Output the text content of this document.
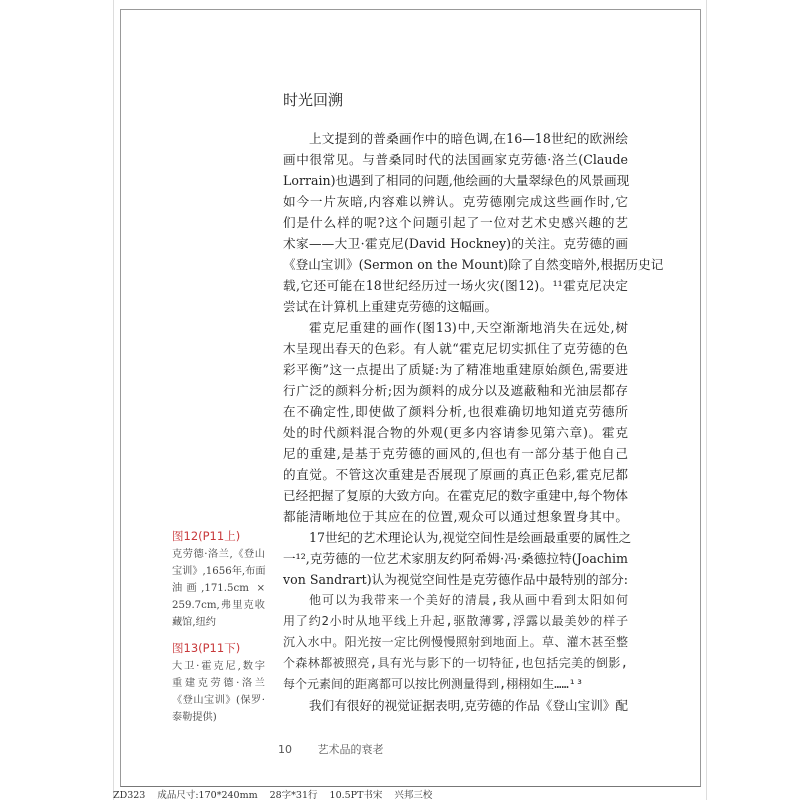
时光回溯
上文提到的普桑画作中的暗色调,在16—18世纪的欧洲绘
画中很常见。与普桑同时代的法国画家克劳德·洛兰(Claude
Lorrain)也遇到了相同的问题,他绘画的大量翠绿色的风景画现
如今一片灰暗,内容难以辨认。克劳德刚完成这些画作时,它
们是什么样的呢?这个问题引起了一位对艺术史感兴趣的艺
术家——大卫·霍克尼(David Hockney)的关注。克劳德的画
《登山宝训》(Sermon on the Mount)除了自然变暗外,根据历史记
载,它还可能在18世纪经历过一场火灾(图12)。¹¹霍克尼决定
尝试在计算机上重建克劳德的这幅画。
霍克尼重建的画作(图13)中,天空渐渐地消失在远处,树
木呈现出春天的色彩。有人就“霍克尼切实抓住了克劳德的色
彩平衡”这一点提出了质疑:为了精准地重建原始颜色,需要进
行广泛的颜料分析;因为颜料的成分以及遮蔽釉和光油层都存
在不确定性,即使做了颜料分析,也很难确切地知道克劳德所
处的时代颜料混合物的外观(更多内容请参见第六章)。霍克
尼的重建,是基于克劳德的画风的,但也有一部分基于他自己
的直觉。不管这次重建是否展现了原画的真正色彩,霍克尼都
已经把握了复原的大致方向。在霍克尼的数字重建中,每个物体
都能清晰地位于其应在的位置,观众可以通过想象置身其中。
17世纪的艺术理论认为,视觉空间性是绘画最重要的属性之
一¹²,克劳德的一位艺术家朋友约阿希姆·冯·桑德拉特(Joachim
von Sandrart)认为视觉空间性是克劳德作品中最特别的部分:
他可以为我带来一个美好的清晨,我从画中看到太阳如何
用了约2小时从地平线上升起,驱散薄雾,浮露以最美妙的样子
沉入水中。阳光按一定比例慢慢照射到地面上。草、灌木甚至整
个森林都被照亮,具有光与影下的一切特征,也包括完美的倒影,
每个元素间的距离都可以按比例测量得到,栩栩如生……¹³
我们有很好的视觉证据表明,克劳德的作品《登山宝训》配
图12(P11上)
克劳德·洛兰,《登山
宝训》,1656年,布面
油画,171.5cm ×
259.7cm,弗里克收
藏馆,纽约
图13(P11下)
大卫·霍克尼,数字
重建克劳德·洛兰
《登山宝训》(保罗·
泰勒提供)
10 艺术品的衰老
ZD323 成品尺寸:170*240mm 28字*31行 10.5PT书宋 兴邦三校
